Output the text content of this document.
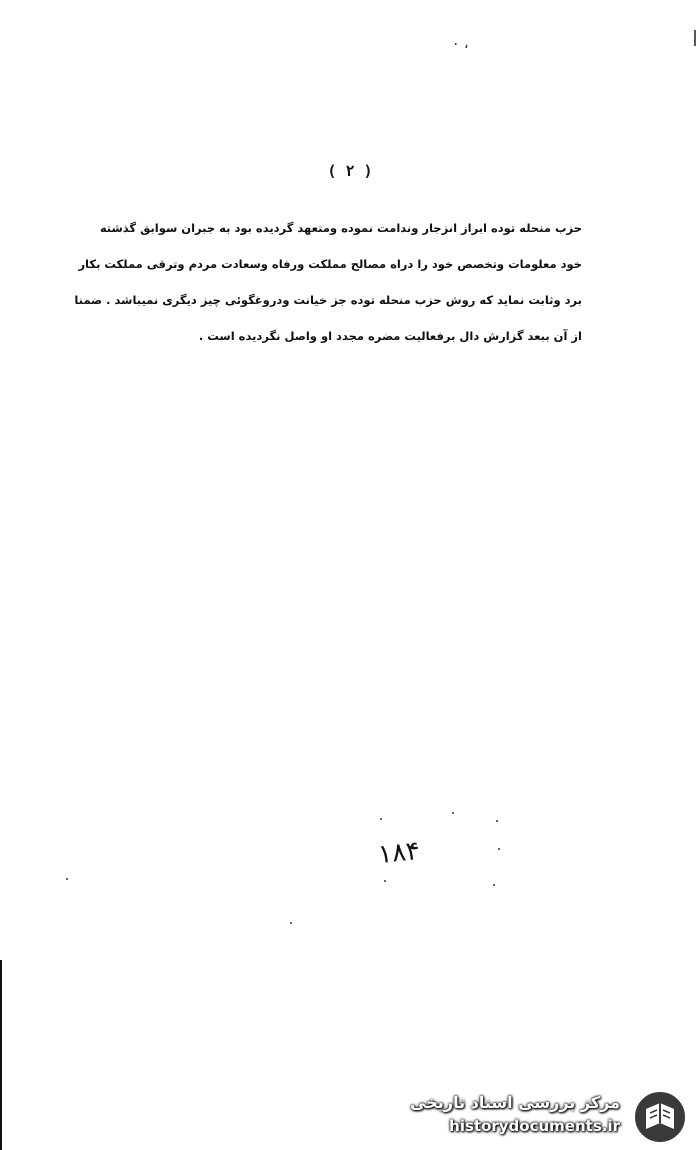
۰ ،
( ۲ )
حزب منحله توده ابراز انزجار وندامت نموده ومتعهد گردیده بود به جبران سوابق گذشته
خود معلومات وتخصص خود را دراه مصالح مملکت ورفاه وسعادت مردم وترقی مملکت بکار
برد وثابت نماید که روش حزب منحله توده جز خیانت ودروغگوئی چیز دیگری نمیباشد . ضمنا
از آن ببعد گزارش دال برفعالیت مضره مجدد او واصل نگردیده است .
۱۸۴
مرکز بررسی اسناد تاریخی
historydocuments.ir
